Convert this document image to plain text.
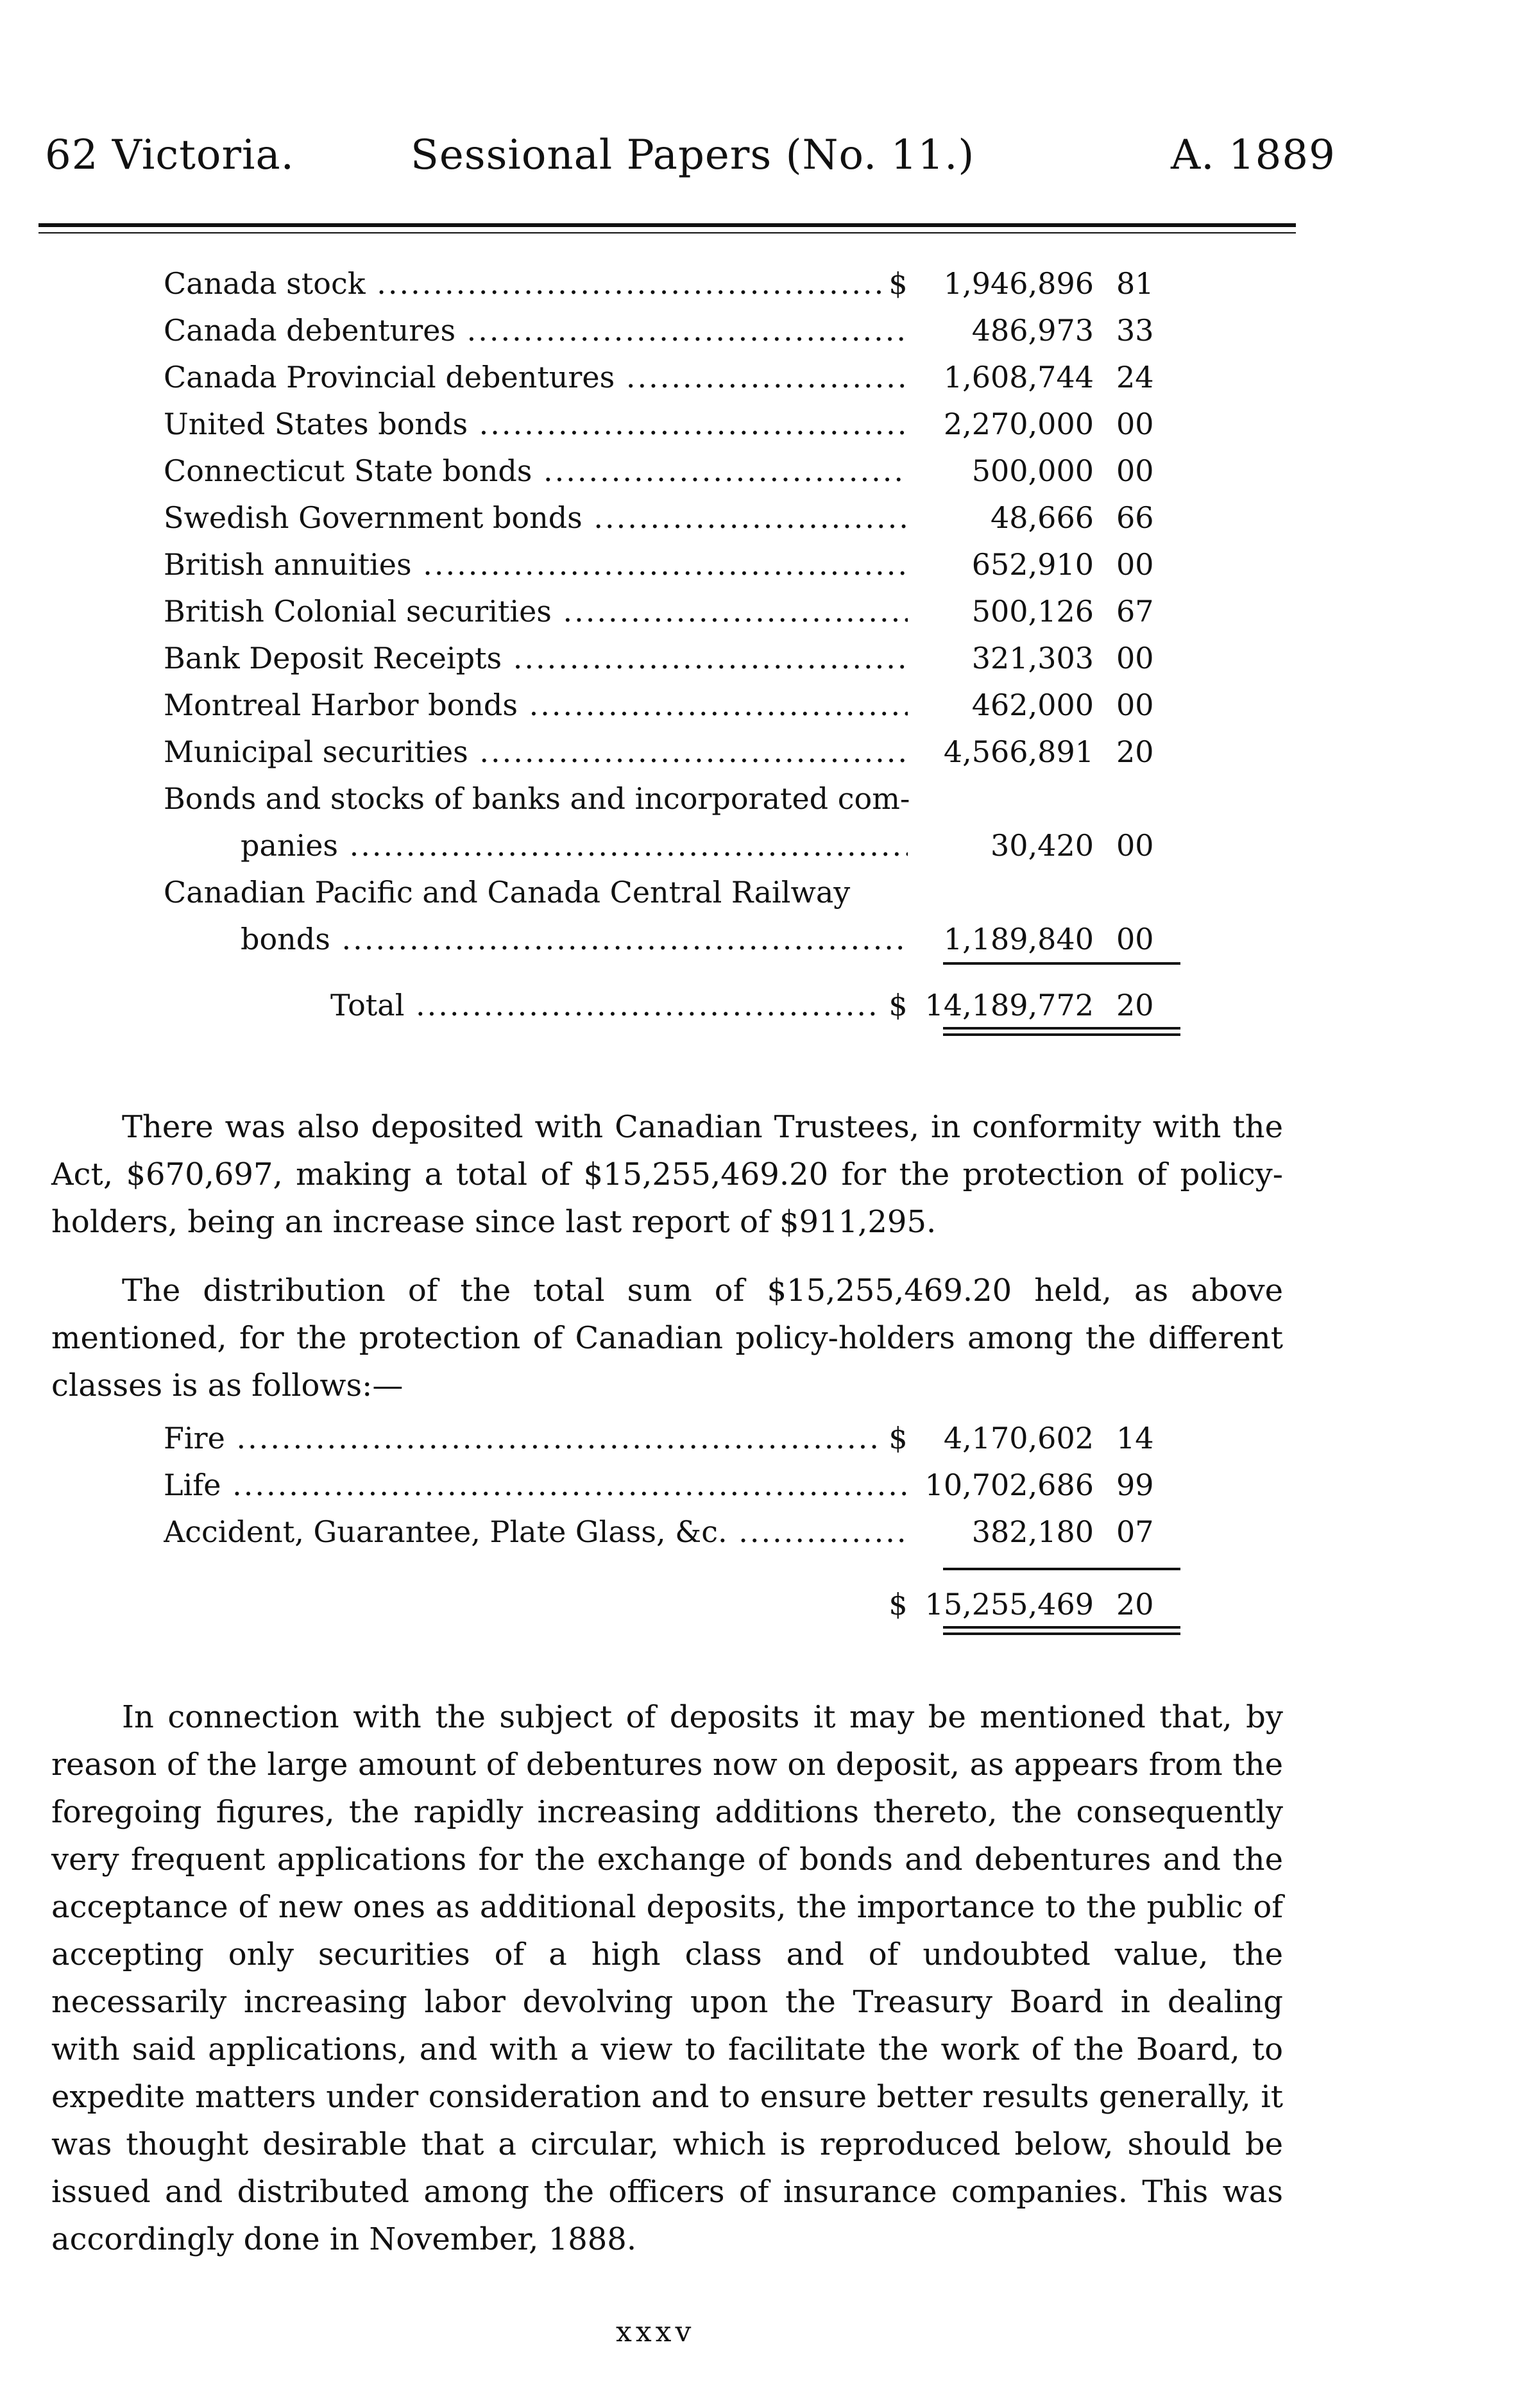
62 Victoria.	Sessional Papers (No. 11.)	A. 1889
Canada stock .....	$	1,946,896 81
Canada debentures .....	486,973 33
Canada Provincial debentures .....	1,608,744 24
United States bonds .....	2,270,000 00
Connecticut State bonds .....	500,000 00
Swedish Government bonds .....	48,666 66
British annuities .....	652,910 00
British Colonial securities .....	500,126 67
Bank Deposit Receipts .....	321,303 00
Montreal Harbor bonds .....	462,000 00
Municipal securities .....	4,566,891 20
Bonds and stocks of banks and incorporated com-
panies .....	30,420 00
Canadian Pacific and Canada Central Railway
bonds .....	1,189,840 00
Total .....	$ 14,189,772 20

There was also deposited with Canadian Trustees, in conformity with the Act, $670,697, making a total of $15,255,469.20 for the protection of policy-holders, being an increase since last report of $911,295.

The distribution of the total sum of $15,255,469.20 held, as above mentioned, for the protection of Canadian policy-holders among the different classes is as follows:—

Fire .....	$	4,170,602 14
Life .....	10,702,686 99
Accident, Guarantee, Plate Glass, &c. .....	382,180 07
$ 15,255,469 20

In connection with the subject of deposits it may be mentioned that, by reason of the large amount of debentures now on deposit, as appears from the foregoing figures, the rapidly increasing additions thereto, the consequently very frequent applications for the exchange of bonds and debentures and the acceptance of new ones as additional deposits, the importance to the public of accepting only securities of a high class and of undoubted value, the necessarily increasing labor devolving upon the Treasury Board in dealing with said applications, and with a view to facilitate the work of the Board, to expedite matters under consideration and to ensure better results generally, it was thought desirable that a circular, which is reproduced below, should be issued and distributed among the officers of insurance companies. This was accordingly done in November, 1888.

xxxv
